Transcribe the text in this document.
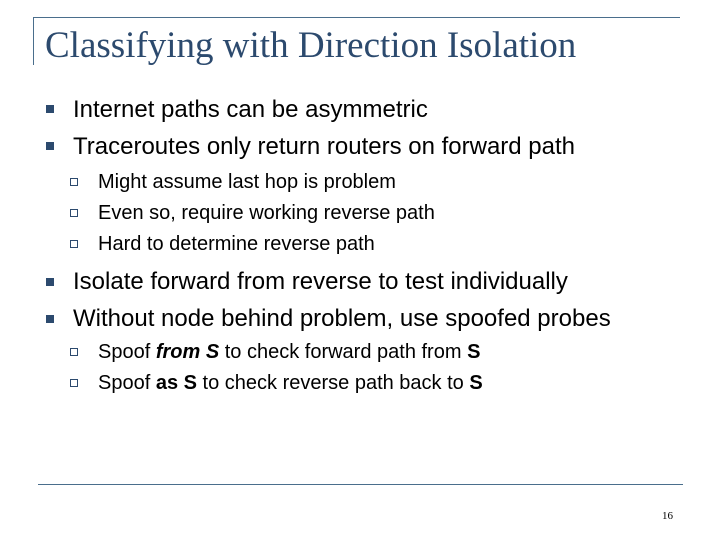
Classifying with Direction Isolation
Internet paths can be asymmetric
Traceroutes only return routers on forward path
Might assume last hop is problem
Even so, require working reverse path
Hard to determine reverse path
Isolate forward from reverse to test individually
Without node behind problem, use spoofed probes
Spoof from S to check forward path from S
Spoof as S to check reverse path back to S
16
